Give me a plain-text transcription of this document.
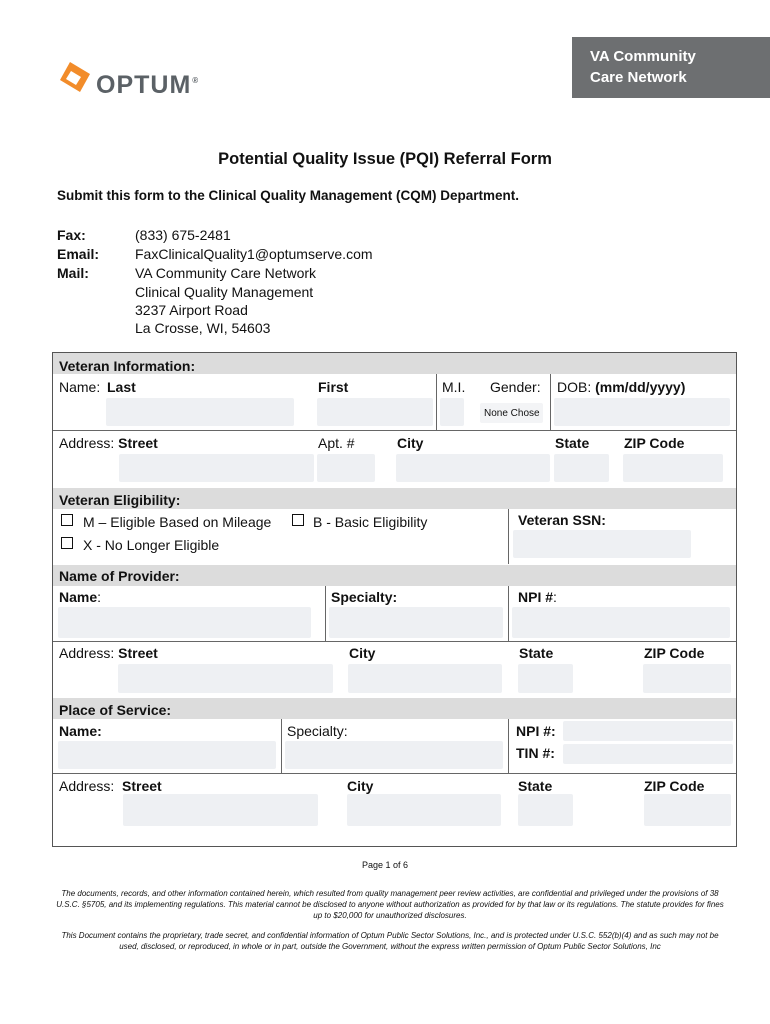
OPTUM®
VA Community
Care Network
Potential Quality Issue (PQI) Referral Form
Submit this form to the Clinical Quality Management (CQM) Department.
Fax:	(833) 675-2481
Email:	FaxClinicalQuality1@optumserve.com
Mail:	VA Community Care Network
Clinical Quality Management
3237 Airport Road
La Crosse, WI, 54603
Veteran Information:
Name: Last	First	M.I. Gender: DOB: (mm/dd/yyyy)
None Chose
Address: Street	Apt. #	City	State ZIP Code
Veteran Eligibility:
M – Eligible Based on Mileage	B - Basic Eligibility
X - No Longer Eligible
Veteran SSN:
Name of Provider:
Name:	Specialty:	NPI #:
Address: Street	City	State	ZIP Code
Place of Service:
Name:	Specialty:	NPI #:
TIN #:
Address: Street	City	State	ZIP Code
Page 1 of 6
The documents, records, and other information contained herein, which resulted from quality management peer review activities, are confidential and privileged under the provisions of 38 U.S.C. §5705, and its implementing regulations. This material cannot be disclosed to anyone without authorization as provided for by that law or its regulations. The statute provides for fines up to $20,000 for unauthorized disclosures.
This Document contains the proprietary, trade secret, and confidential information of Optum Public Sector Solutions, Inc., and is protected under U.S.C. 552(b)(4) and as such may not be used, disclosed, or reproduced, in whole or in part, outside the Government, without the express written permission of Optum Public Sector Solutions, Inc
